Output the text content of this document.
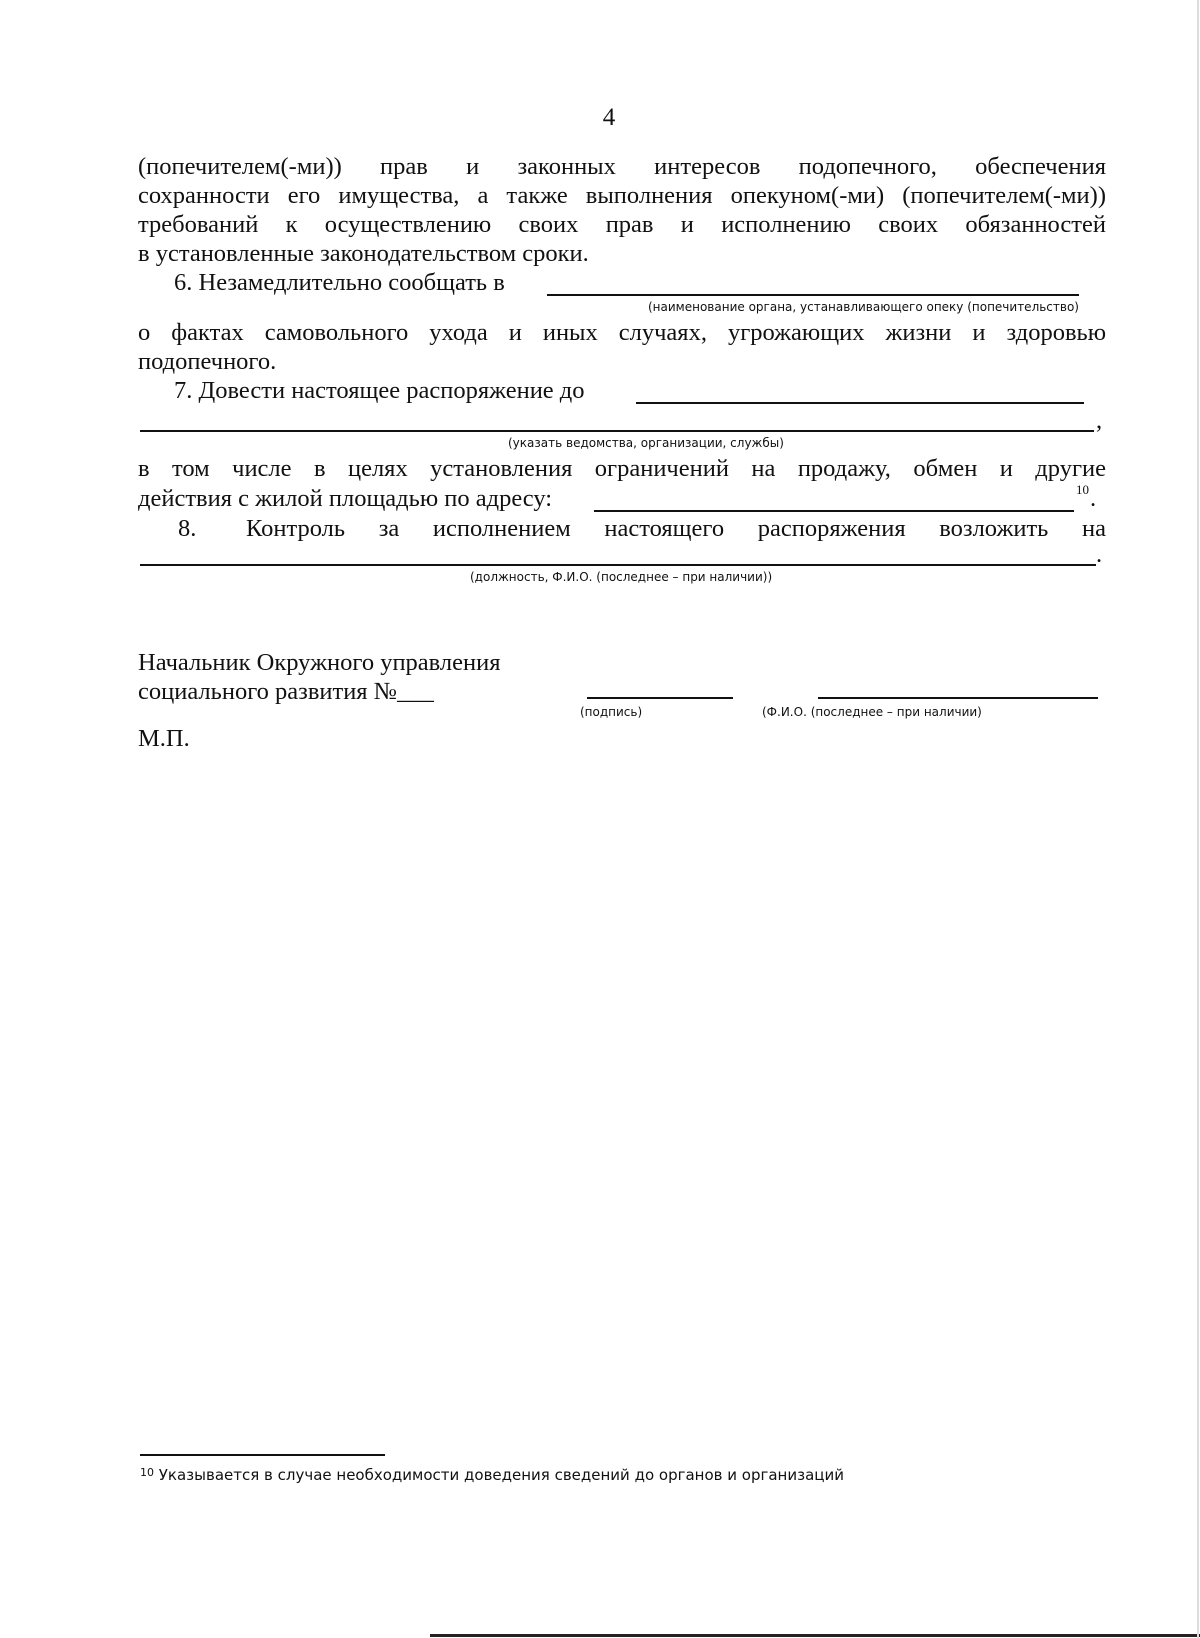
4
(попечителем(-ми)) прав и законных интересов подопечного, обеспечения
сохранности его имущества, а также выполнения опекуном(-ми) (попечителем(-ми))
требований к осуществлению своих прав и исполнению своих обязанностей
в установленные законодательством сроки.
6. Незамедлительно сообщать в
(наименование органа, устанавливающего опеку (попечительство)
о фактах самовольного ухода и иных случаях, угрожающих жизни и здоровью
подопечного.
7. Довести настоящее распоряжение до
,
(указать ведомства, организации, службы)
в том числе в целях установления ограничений на продажу, обмен и другие
действия с жилой площадью по адресу:	10 .
8. Контроль за исполнением настоящего распоряжения возложить на
.
(должность, Ф.И.О. (последнее – при наличии))
Начальник Окружного управления
социального развития №___
(подпись)	(Ф.И.О. (последнее – при наличии)
М.П.
$^{10}$ Указывается в случае необходимости доведения сведений до органов и организаций
